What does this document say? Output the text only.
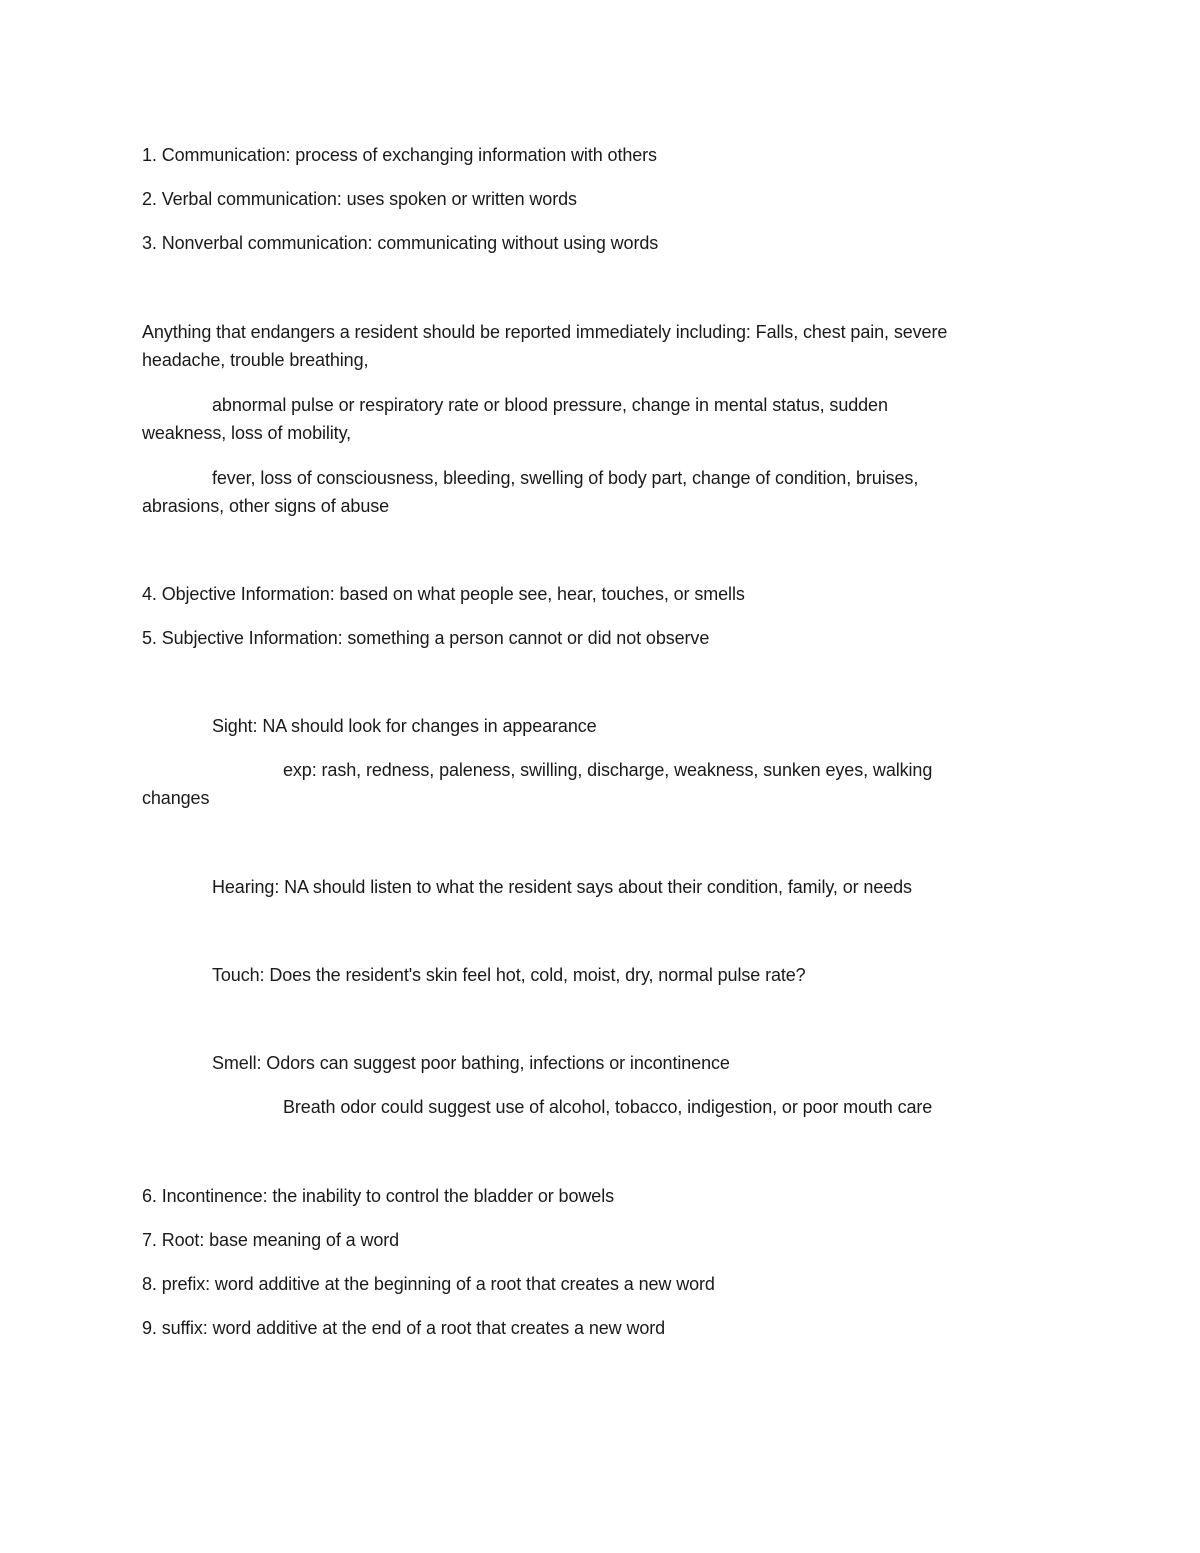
1. Communication: process of exchanging information with others
2. Verbal communication: uses spoken or written words
3. Nonverbal communication: communicating without using words
Anything that endangers a resident should be reported immediately including: Falls, chest pain, severe
headache, trouble breathing,
abnormal pulse or respiratory rate or blood pressure, change in mental status, sudden
weakness, loss of mobility,
fever, loss of consciousness, bleeding, swelling of body part, change of condition, bruises,
abrasions, other signs of abuse
4. Objective Information: based on what people see, hear, touches, or smells
5. Subjective Information: something a person cannot or did not observe
Sight: NA should look for changes in appearance
exp: rash, redness, paleness, swilling, discharge, weakness, sunken eyes, walking
changes
Hearing: NA should listen to what the resident says about their condition, family, or needs
Touch: Does the resident's skin feel hot, cold, moist, dry, normal pulse rate?
Smell: Odors can suggest poor bathing, infections or incontinence
Breath odor could suggest use of alcohol, tobacco, indigestion, or poor mouth care
6. Incontinence: the inability to control the bladder or bowels
7. Root: base meaning of a word
8. prefix: word additive at the beginning of a root that creates a new word
9. suffix: word additive at the end of a root that creates a new word
